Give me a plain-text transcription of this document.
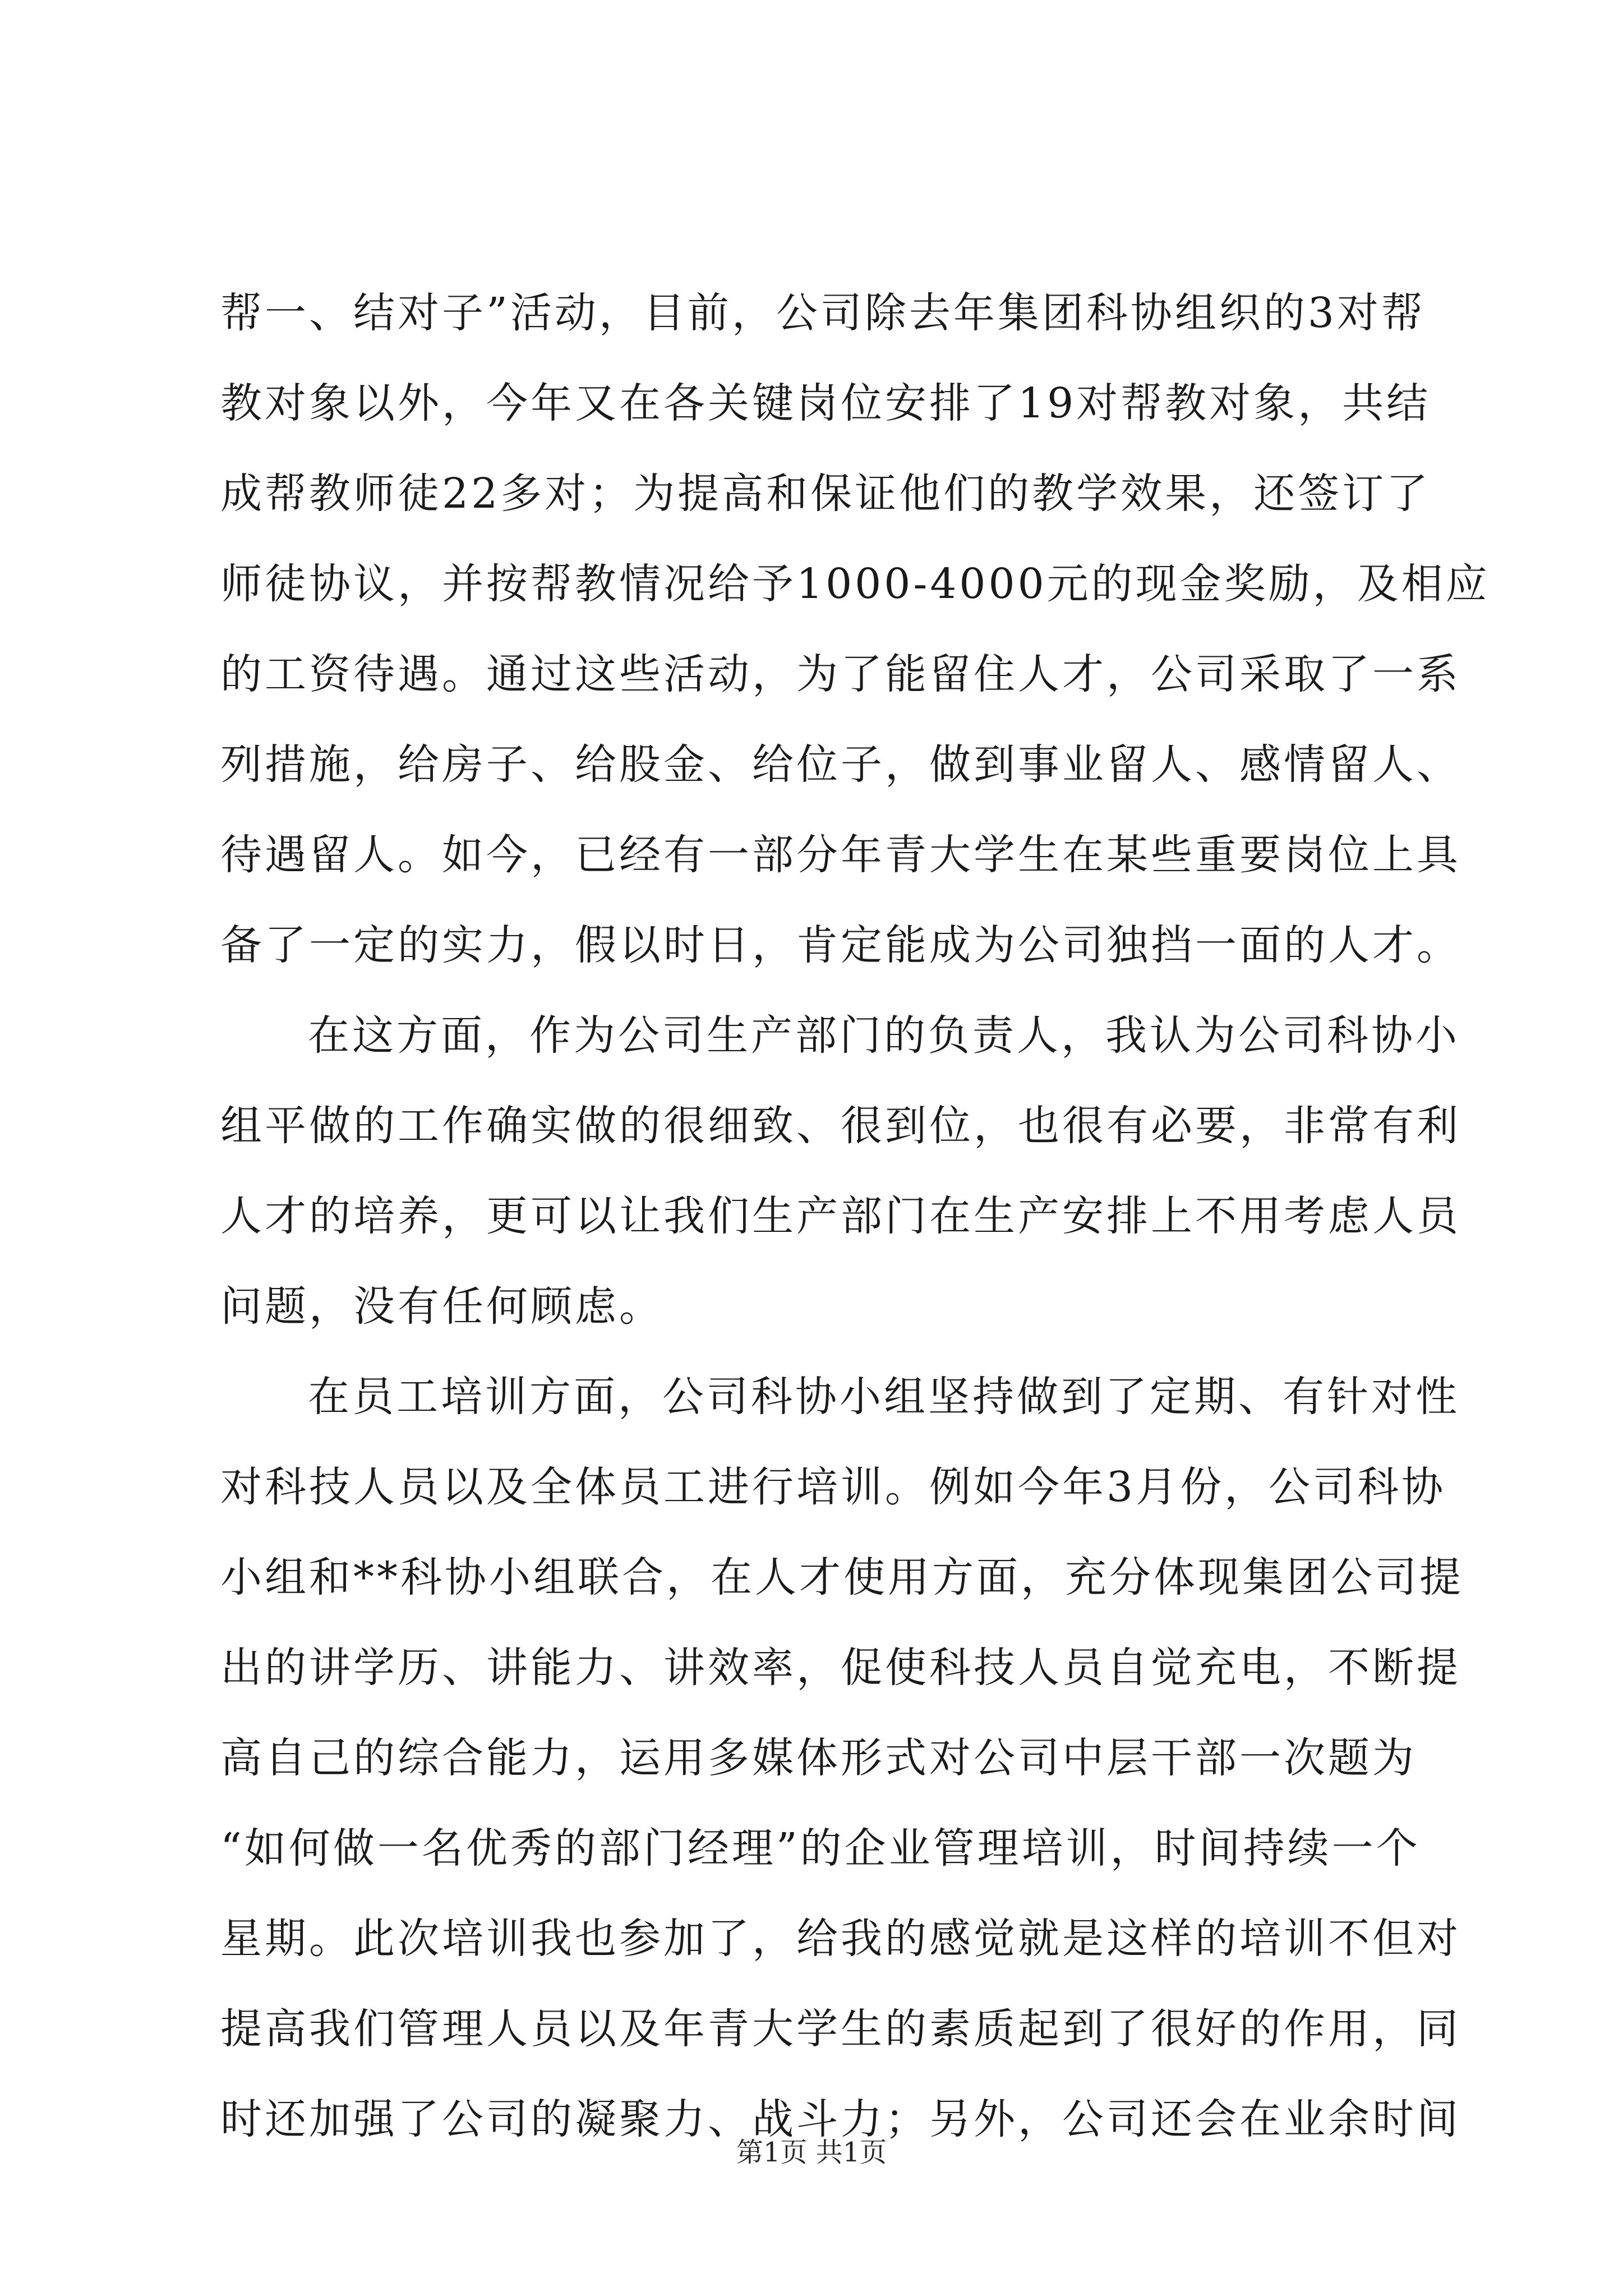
帮一、结对子”活动，目前，公司除去年集团科协组织的3对帮
教对象以外，今年又在各关键岗位安排了19对帮教对象，共结
成帮教师徒22多对；为提高和保证他们的教学效果，还签订了
师徒协议，并按帮教情况给予1000-4000元的现金奖励，及相应
的工资待遇。通过这些活动，为了能留住人才，公司采取了一系
列措施，给房子、给股金、给位子，做到事业留人、感情留人、
待遇留人。如今，已经有一部分年青大学生在某些重要岗位上具
备了一定的实力，假以时日，肯定能成为公司独挡一面的人才。
在这方面，作为公司生产部门的负责人，我认为公司科协小
组平做的工作确实做的很细致、很到位，也很有必要，非常有利
人才的培养，更可以让我们生产部门在生产安排上不用考虑人员
问题，没有任何顾虑。
在员工培训方面，公司科协小组坚持做到了定期、有针对性
对科技人员以及全体员工进行培训。例如今年3月份，公司科协
小组和**科协小组联合，在人才使用方面，充分体现集团公司提
出的讲学历、讲能力、讲效率，促使科技人员自觉充电，不断提
高自己的综合能力，运用多媒体形式对公司中层干部一次题为
“如何做一名优秀的部门经理”的企业管理培训，时间持续一个
星期。此次培训我也参加了，给我的感觉就是这样的培训不但对
提高我们管理人员以及年青大学生的素质起到了很好的作用，同
时还加强了公司的凝聚力、战斗力；另外，公司还会在业余时间
第1页 共1页
